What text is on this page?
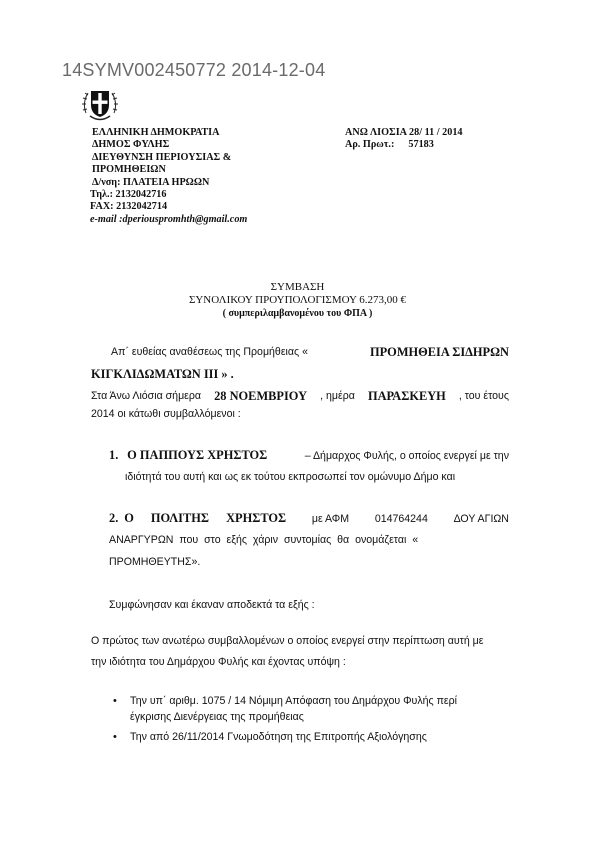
14SYMV002450772 2014-12-04
ΕΛΛΗΝΙΚΗ ΔΗΜΟΚΡΑΤΙΑ
ΔΗΜΟΣ ΦΥΛΗΣ
ΔΙΕΥΘΥΝΣΗ ΠΕΡΙΟΥΣΙΑΣ &
ΠΡΟΜΗΘΕΙΩΝ
Δ/νση: ΠΛΑΤΕΙΑ ΗΡΩΩΝ
Τηλ.: 2132042716
FAX: 2132042714
e-mail :dperiouspromhth@gmail.com
ΑΝΩ ΛΙΟΣΙΑ 28/ 11 / 2014
Αρ. Πρωτ.: 57183
ΣΥΜΒΑΣΗ
ΣΥΝΟΛΙΚΟΥ ΠΡΟΥΠΟΛΟΓΙΣΜΟΥ 6.273,00 €
( συμπεριλαμβανομένου του ΦΠΑ )
Απ΄ ευθείας αναθέσεως της Προμήθειας «	ΠΡΟΜΗΘΕΙΑ ΣΙΔΗΡΩΝ
ΚΙΓΚΛΙΔΩΜΑΤΩΝ ΙΙΙ » .
Στα Άνω Λιόσια σήμερα 28 ΝΟΕΜΒΡΙΟΥ , ημέρα ΠΑΡΑΣΚΕΥΗ , του έτους
2014 οι κάτωθι συμβαλλόμενοι :
1. Ο ΠΑΠΠΟΥΣ ΧΡΗΣΤΟΣ	– Δήμαρχος Φυλής, ο οποίος ενεργεί με την
ιδιότητά του αυτή και ως εκ τούτου εκπροσωπεί τον ομώνυμο Δήμο και
2. Ο ΠΟΛΙΤΗΣ ΧΡΗΣΤΟΣ με ΑΦΜ 014764244 ΔΟΥ ΑΓΙΩΝ
ΑΝΑΡΓΥΡΩΝ που στο εξής χάριν συντομίας θα ονομάζεται «
ΠΡΟΜΗΘΕΥΤΗΣ».
Συμφώνησαν και έκαναν αποδεκτά τα εξής :
Ο πρώτος των ανωτέρω συμβαλλομένων ο οποίος ενεργεί στην περίπτωση αυτή με
την ιδιότητα του Δημάρχου Φυλής και έχοντας υπόψη :
•	Την υπ΄ αριθμ. 1075 / 14 Νόμιμη Απόφαση του Δημάρχου Φυλής περί
έγκρισης Διενέργειας της προμήθειας
•	Την από 26/11/2014 Γνωμοδότηση της Επιτροπής Αξιολόγησης
